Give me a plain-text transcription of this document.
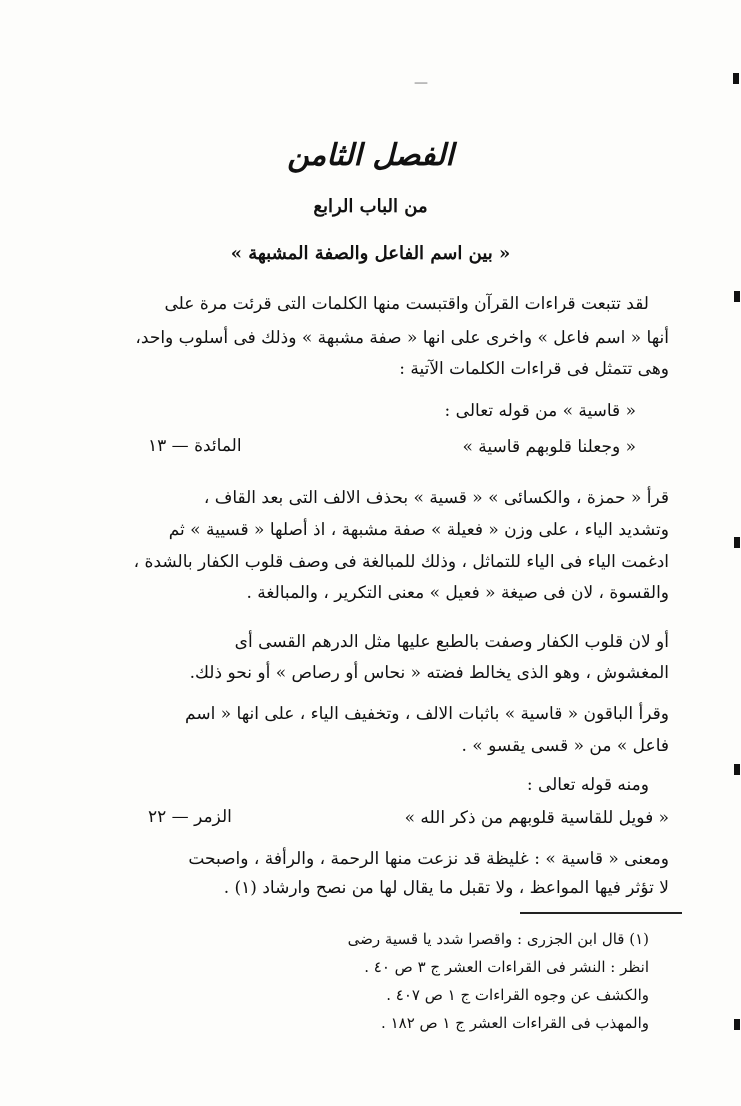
—
الفصل الثامن
من الباب الرابع
« بين اسم الفاعل والصفة المشبهة »
لقد تتبعت قراءات القرآن واقتبست منها الكلمات التى قرئت مرة على
أنها « اسم فاعل » واخرى على انها « صفة مشبهة » وذلك فى أسلوب واحد،
وهى تتمثل فى قراءات الكلمات الآتية :
« قاسية » من قوله تعالى :
« وجعلنا قلوبهم قاسية »
المائدة — ١٣
قرأ « حمزة ، والكسائى » « قسية » بحذف الالف التى بعد القاف ،
وتشديد الياء ، على وزن « فعيلة » صفة مشبهة ، اذ أصلها « قسيية » ثم
ادغمت الياء فى الياء للتماثل ، وذلك للمبالغة فى وصف قلوب الكفار بالشدة ،
والقسوة ، لان فى صيغة « فعيل » معنى التكرير ، والمبالغة .
أو لان قلوب الكفار وصفت بالطبع عليها مثل الدرهم القسى أى
المغشوش ، وهو الذى يخالط فضته « نحاس أو رصاص » أو نحو ذلك.
وقرأ الباقون « قاسية » باثبات الالف ، وتخفيف الياء ، على انها « اسم
فاعل » من « قسى يقسو » .
ومنه قوله تعالى :
« فويل للقاسية قلوبهم من ذكر الله »
الزمر — ٢٢
ومعنى « قاسية » : غليظة قد نزعت منها الرحمة ، والرأفة ، واصبحت
لا تؤثر فيها المواعظ ، ولا تقبل ما يقال لها من نصح وارشاد (١) .
(١) قال ابن الجزرى : واقصرا شدد يا قسية رضى
انظر : النشر فى القراءات العشر ج ٣ ص ٤٠ .
والكشف عن وجوه القراءات ج ١ ص ٤٠٧ .
والمهذب فى القراءات العشر ج ١ ص ١٨٢ .
